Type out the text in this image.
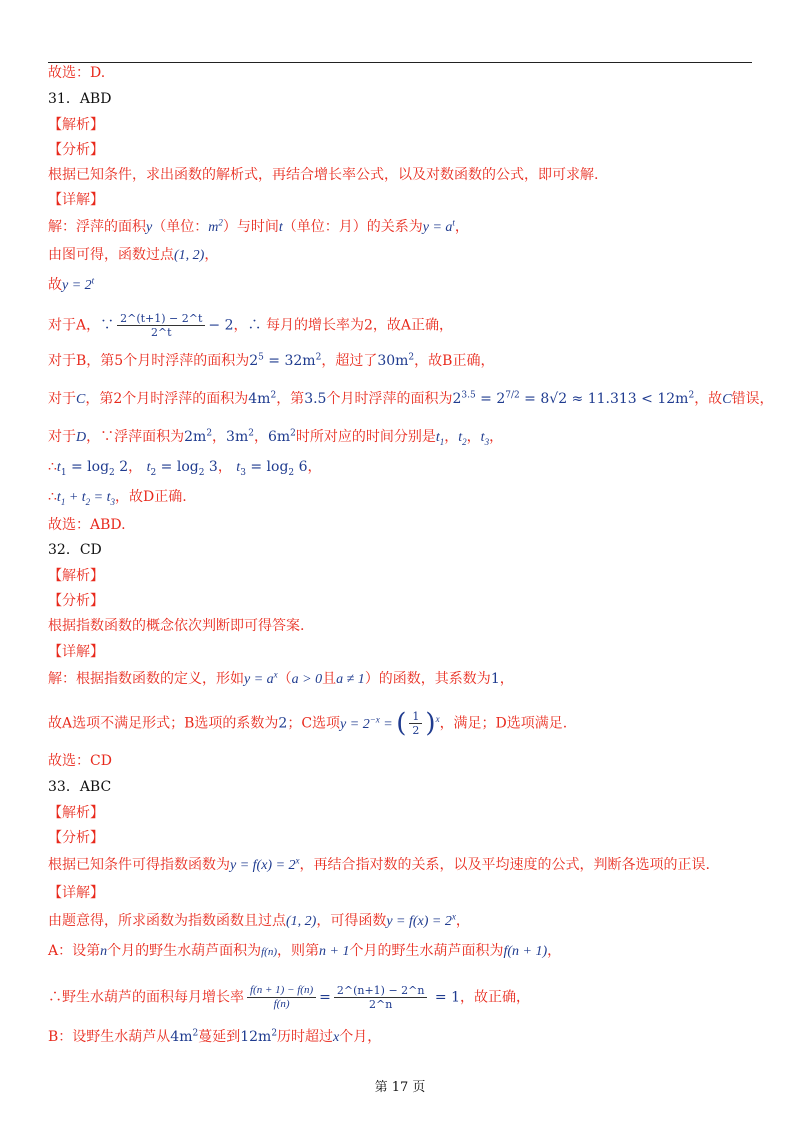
故选：D.
31．ABD
【解析】
【分析】
根据已知条件，求出函数的解析式，再结合增长率公式，以及对数函数的公式，即可求解.
【详解】
解：浮萍的面积y（单位：$m^2$）与时间t（单位：月）的关系为$y = a^t$，
由图可得，函数过点(1, 2)，
故$y = 2^t$
对于A，∵ $\frac{2\^{}(t+1) - 2\^{}t}{2\^{}t} - 2$，∴ 每月的增长率为2，故A正确，
对于B，第5个月时浮萍的面积为$2^5 = 32m^2$，超过了$30m^2$，故B正确，
对于C，第2个月时浮萍的面积为$4m^2$，第3.5个月时浮萍的面积为$2^{3.5} = 2^{7/2} = 8√2 \approx 11.313 < 12m^2$，故C错误，
对于D，∵浮萍面积为$2m^2$，$3m^2$，$6m^2$时所对应的时间分别是$t_1$，$t_2$，$t_3$，
$\therefore t_1 = \log_2 2$， $t_2 = \log_2 3$， $t_3 = \log_2 6$，
$\therefore t_1 + t_2 = t_3$，故D正确.
故选：ABD.
32．CD
【解析】
【分析】
根据指数函数的概念依次判断即可得答案.
【详解】
解：根据指数函数的定义，形如$y = a^x(a > 0$且a ≠ 1）的函数，其系数为1，
故A选项不满足形式；B选项的系数为2；C选项$y = 2^{-x}$ = ( $\frac{1}{2} )^x$，满足；D选项满足.
故选：CD
33．ABC
【解析】
【分析】
根据已知条件可得指数函数为$y = f(x) = 2^x$，再结合指对数的关系，以及平均速度的公式，判断各选项的正误.
【详解】
由题意得，所求函数为指数函数且过点(1, 2)，可得函数$y = f(x) = 2^x$，
A：设第n个月的野生水葫芦面积为f(n)，则第n + 1个月的野生水葫芦面积为f(n + 1)，
∴野生水葫芦的面积每月增长率 $\frac{f(n + 1) - f(n)}{f(n)} = \frac{2\^{}(n+1) - 2\^{}n}{2\^{}n} = 1$，故正确，
B：设野生水葫芦从$4m^2$蔓延到$12m^2$历时超过x个月，
第 17 页
